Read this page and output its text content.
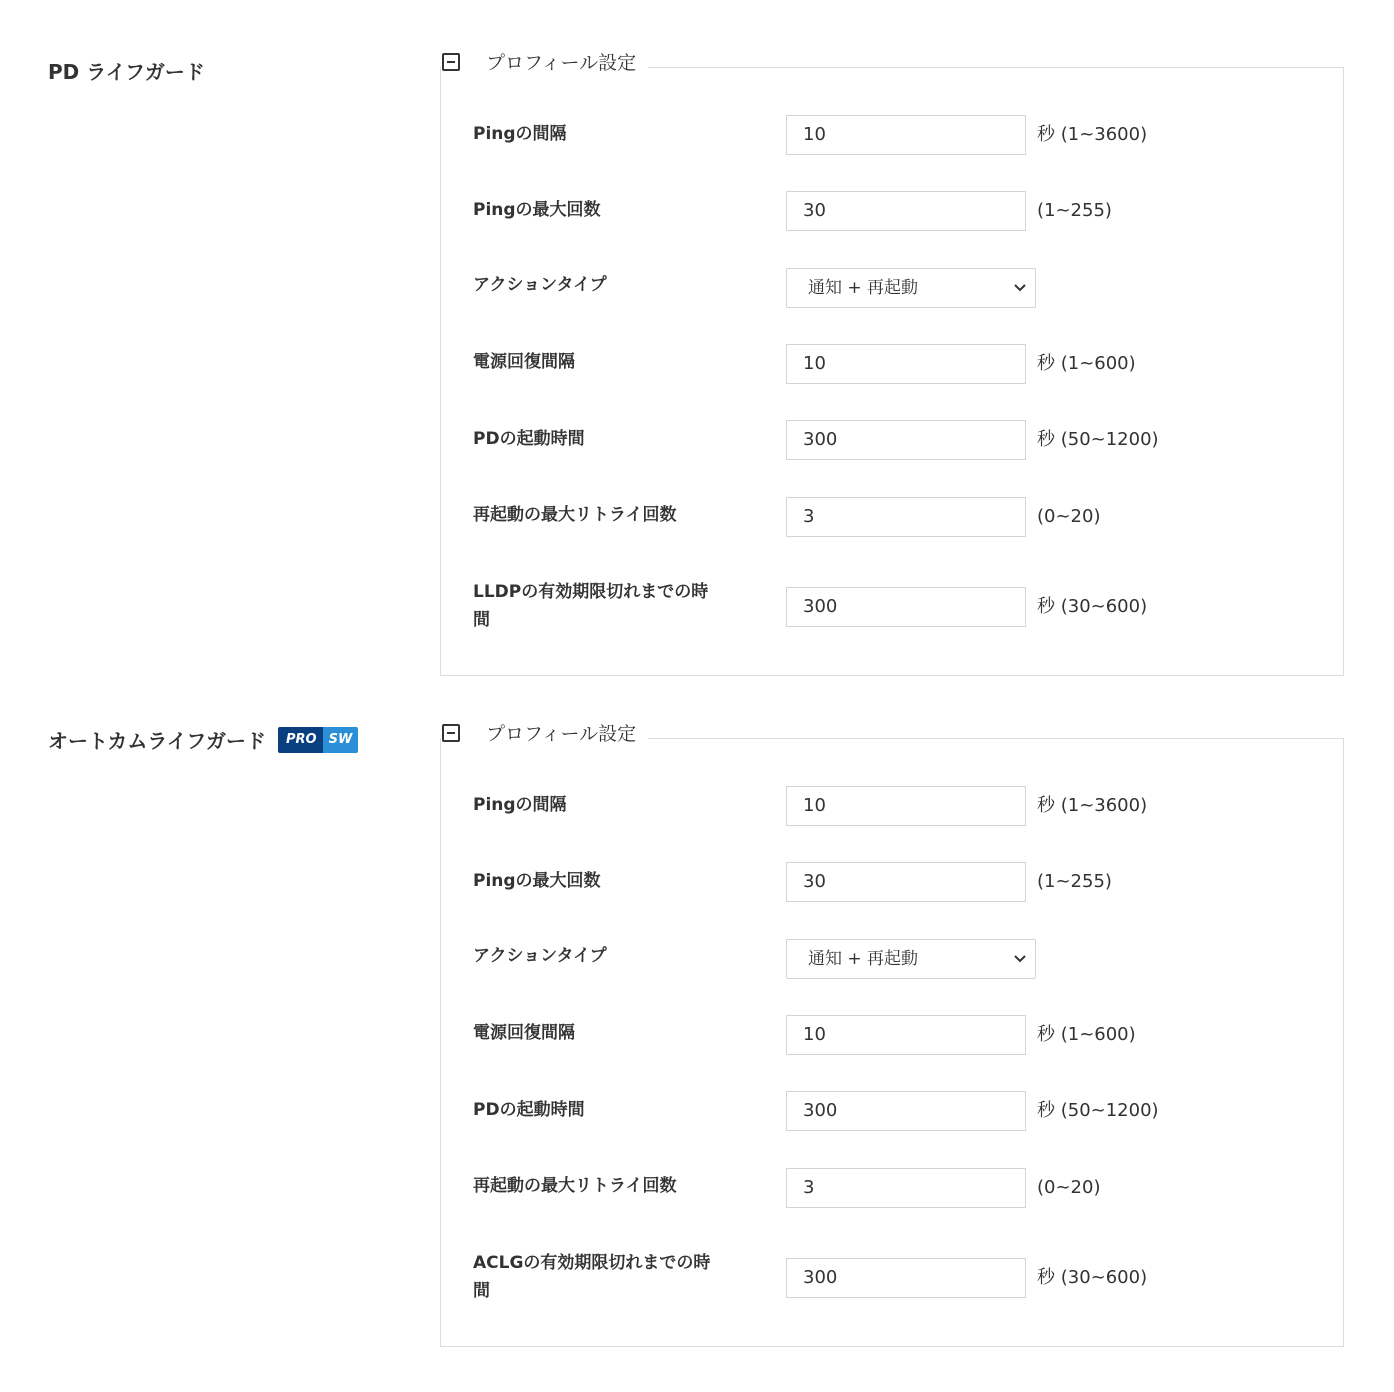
PD ライフガード	プロフィール設定
Pingの間隔	10	秒 (1~3600)
Pingの最大回数	30	(1~255)
アクションタイプ	通知 + 再起動
電源回復間隔	10	秒 (1~600)
PDの起動時間	300	秒 (50~1200)
再起動の最大リトライ回数	3	(0~20)
LLDPの有効期限切れまでの時
間
300	秒 (30~600)
オートカムライフガード	PRO SW	プロフィール設定
Pingの間隔	10	秒 (1~3600)
Pingの最大回数	30	(1~255)
アクションタイプ	通知 + 再起動
電源回復間隔	10	秒 (1~600)
PDの起動時間	300	秒 (50~1200)
再起動の最大リトライ回数	3	(0~20)
ACLGの有効期限切れまでの時
間
300	秒 (30~600)
